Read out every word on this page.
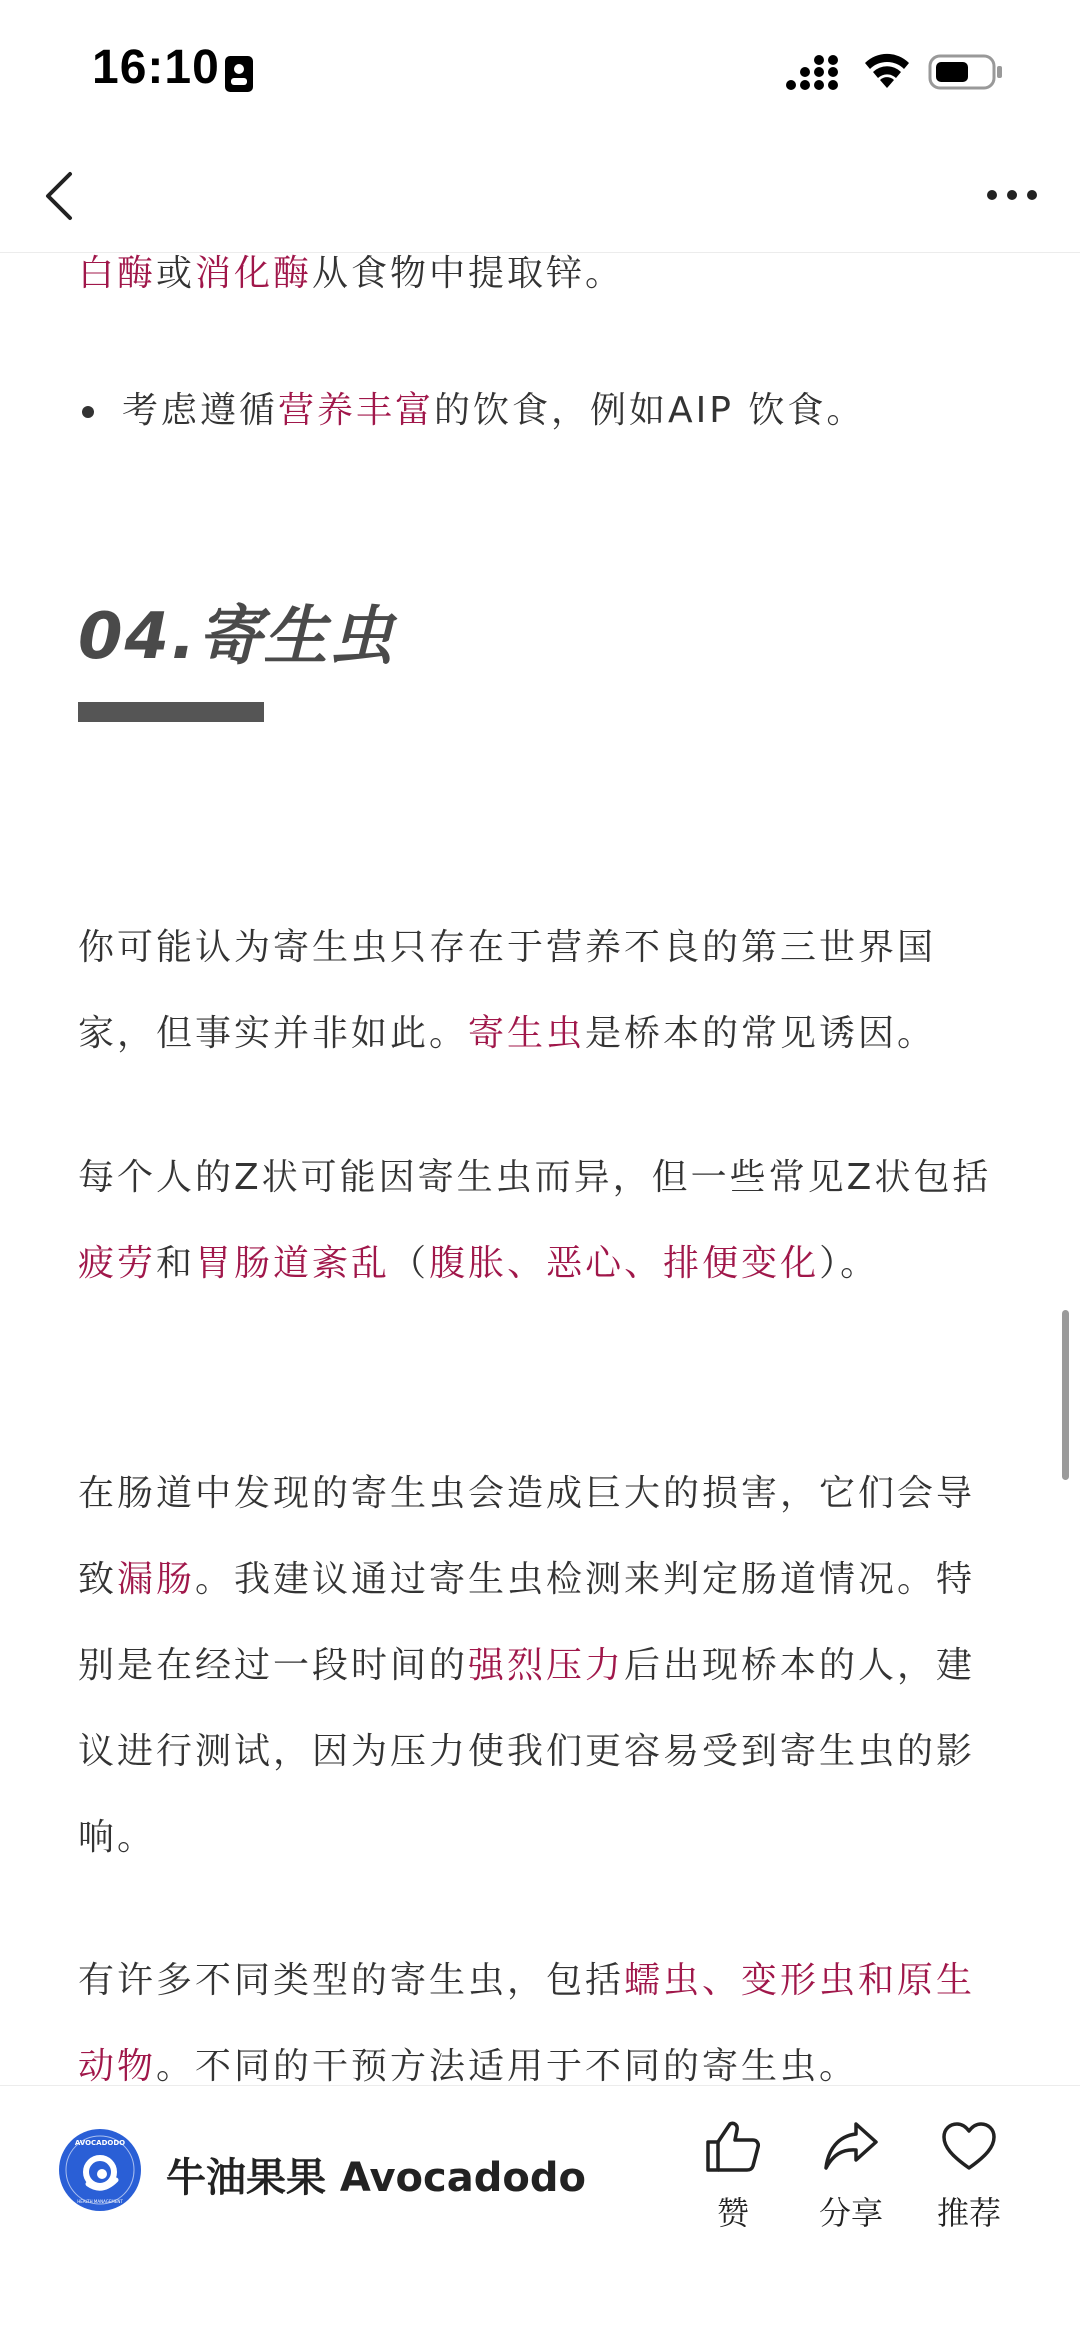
16:10

白酶或消化酶从食物中提取锌。

考虑遵循营养丰富的饮食，例如AIP 饮食。
04.寄生虫

你可能认为寄生虫只存在于营养不良的第三世界国家，但事实并非如此。寄生虫是桥本的常见诱因。

每个人的Z状可能因寄生虫而异，但一些常见Z状包括疲劳和胃肠道紊乱（腹胀、恶心、排便变化）。

在肠道中发现的寄生虫会造成巨大的损害，它们会导致漏肠。我建议通过寄生虫检测来判定肠道情况。特别是在经过一段时间的强烈压力后出现桥本的人，建议进行测试，因为压力使我们更容易受到寄生虫的影响。

有许多不同类型的寄生虫，包括蠕虫、变形虫和原生动物。不同的干预方法适用于不同的寄生虫。

AVOCADODO
HEALTH MANAGEMENT
牛油果果 Avocadodo
赞	分享	推荐
